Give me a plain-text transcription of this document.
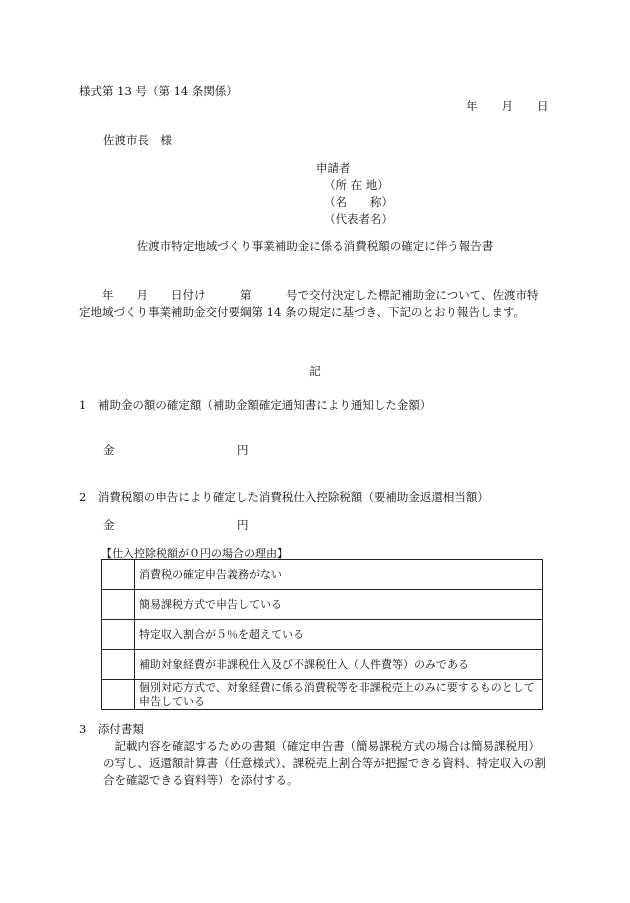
様式第 13 号（第 14 条関係）
年 月 日
佐渡市長　様
申請者
（所 在 地）
（名　　称）
（代表者名）
佐渡市特定地域づくり事業補助金に係る消費税額の確定に伴う報告書
　　年　　月　　日付け　　　第　　　号で交付決定した標記補助金について、佐渡市特定地域づくり事業補助金交付要綱第 14 条の規定に基づき、下記のとおり報告します。
記
1　補助金の額の確定額（補助金額確定通知書により通知した金額）
金	円
2　消費税額の申告により確定した消費税仕入控除税額（要補助金返還相当額）
金	円
【仕入控除税額が０円の場合の理由】
	消費税の確定申告義務がない
	簡易課税方式で申告している
	特定収入割合が５％を超えている
	補助対象経費が非課税仕入及び不課税仕入（人件費等）のみである
	個別対応方式で、対象経費に係る消費税等を非課税売上のみに要するものとして申告している
3　添付書類
記載内容を確認するための書類（確定申告書（簡易課税方式の場合は簡易課税用）の写し、返還額計算書（任意様式）、課税売上割合等が把握できる資料、特定収入の割合を確認できる資料等）を添付する。
